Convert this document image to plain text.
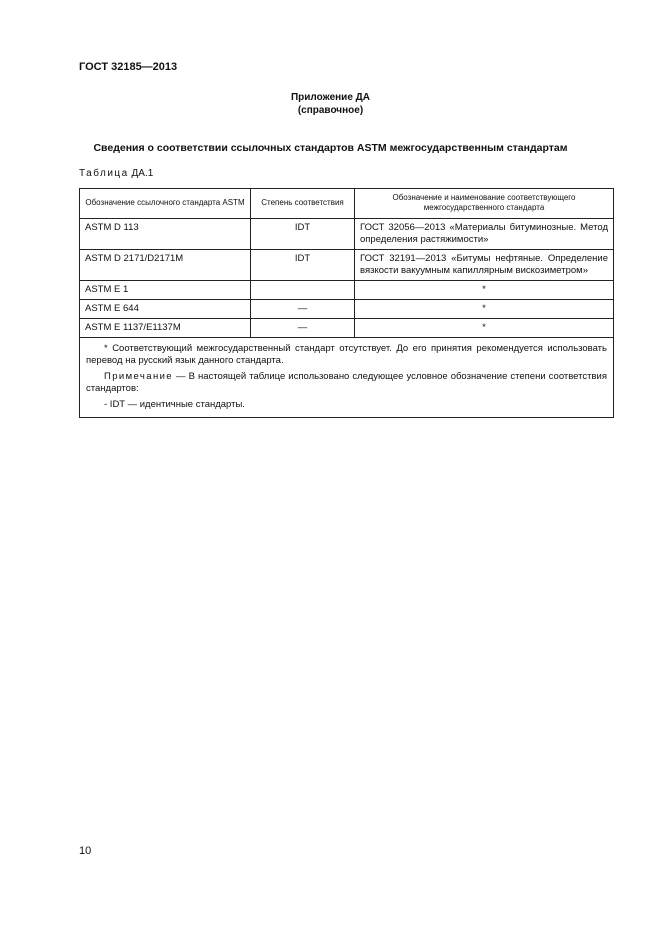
ГОСТ 32185—2013
Приложение ДА
(справочное)
Сведения о соответствии ссылочных стандартов ASTM межгосударственным стандартам
Таблица ДА.1
Обозначение ссылочного стандарта ASTM	Степень соответствия	Обозначение и наименование соответствующего межгосударственного стандарта
ASTM D 113	IDT	ГОСТ 32056—2013 «Материалы битуминозные. Метод определения растяжимости»
ASTM D 2171/D2171M	IDT	ГОСТ 32191—2013 «Битумы нефтяные. Определение вязкости вакуумным капиллярным вискозиметром»
ASTM E 1		*
ASTM E 644	—	*
ASTM E 1137/E1137M	—	*

* Соответствующий межгосударственный стандарт отсутствует. До его принятия рекомендуется использовать перевод на русский язык данного стандарта.

Примечание — В настоящей таблице использовано следующее условное обозначение степени соответствия стандартов:

- IDT — идентичные стандарты.		

10
